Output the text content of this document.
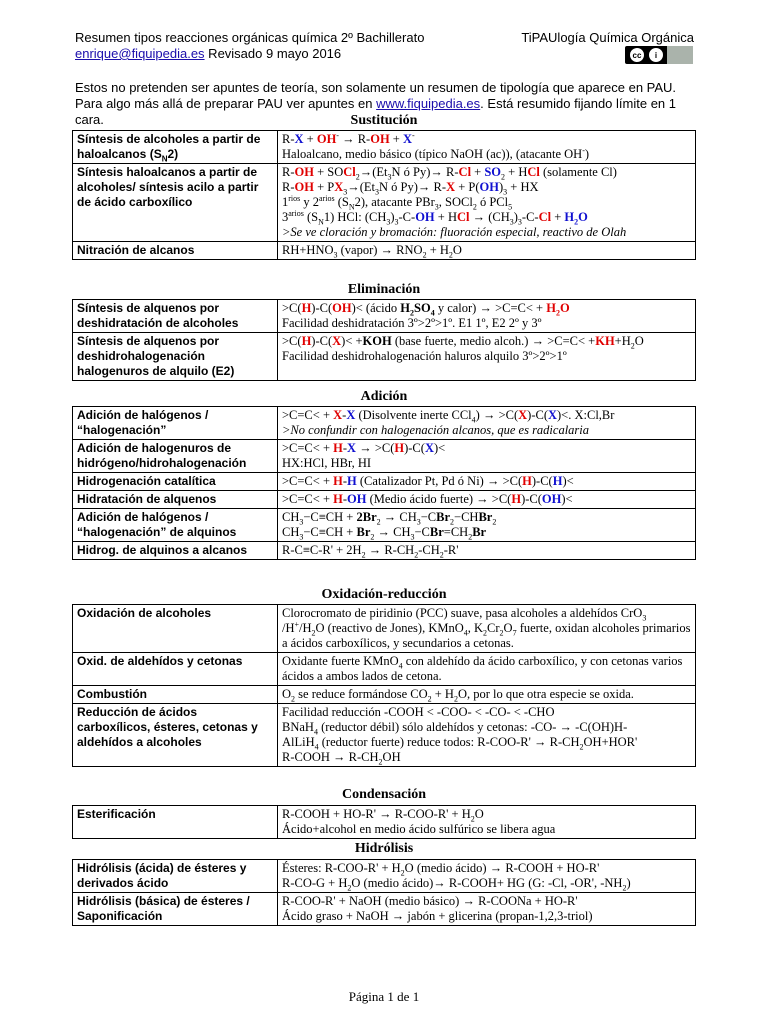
Resumen tipos reacciones orgánicas química 2º Bachillerato
enrique@fiquipedia.es Revisado 9 mayo 2016
TiPAUlogía Química Orgánica
cc	i
Estos no pretenden ser apuntes de teoría, son solamente un resumen de tipología que aparece en PAU. Para algo más allá de preparar PAU ver apuntes en www.fiquipedia.es. Está resumido fijando límite en 1 cara.	Sustitución
Síntesis de alcoholes a partir de haloalcanos $(S_N2)$	R-X + OH- → R-OH + X-
Haloalcano, medio básico (típico NaOH (ac)), (atacante OH-)
Síntesis haloalcanos a partir de alcoholes/ síntesis acilo a partir de ácido carboxílico	$R-OH + SOCl_2\to(Et_3N$ ó $Py)\to R-Cl + SO_2$ + HCl (solamente Cl)
$R-OH + PX_3\to(Et_3N$ ó $Py)\to R-X + P(OH)_3$ + HX
$1^{rios}$ y $2^{arios}$ $(S_N2)$, atacante PBr$_3$, SOCl$_2$ ó PCl$_5$
$3^{arios}$ $(S_N1)$ HCl: $(CH_3)_3-C-OH$ + HCl → $(CH_3)_3-C-Cl + H_2O$
>Se ve cloración y bromación: fluoración especial, reactivo de Olah
Nitración de alcanos	$RH+HNO_3$ (vapor) → $RNO_2 + H_2O$
Eliminación
Síntesis de alquenos por deshidratación de alcoholes	>C(H)-C(OH)< (ácido $H_2SO_4$ y calor) → $>C=C< + H_2O$
Facilidad deshidratación 3º>2º>1º. E1 1º, E2 2º y 3º
Síntesis de alquenos por deshidrohalogenación halogenuros de alquilo (E2)	>C(H)-C(X)< +KOH (base fuerte, medio alcoh.) → $>C=C< +KH+H_2O$
Facilidad deshidrohalogenación haluros alquilo 3º>2º>1º
Adición
Adición de halógenos / “halogenación”	>C=C< + X-X (Disolvente inerte CCl$_4$) → >C(X)-C(X)<. X:Cl,Br
>No confundir con halogenación alcanos, que es radicalaria
Adición de halogenuros de hidrógeno/hidrohalogenación	>C=C< + H-X → >C(H)-C(X)<
HX:HCl, HBr, HI
Hidrogenación catalítica	>C=C< + H-H (Catalizador Pt, Pd ó Ni) → >C(H)-C(H)<
Hidratación de alquenos	>C=C< + H-OH (Medio ácido fuerte) → >C(H)-C(OH)<
Adición de halógenos / “halogenación” de alquinos	$CH_3-C\equiv CH + 2Br_2$ → $CH_3-CBr_2-CHBr_2$
$CH_3-C\equiv CH + Br_2 \to CH_3-CBr=CH_2Br$
Hidrog. de alquinos a alcanos	$R-C\equiv C-R' + 2H_2 \to R-CH_2-CH_2-R'$
Oxidación-reducción
Oxidación de alcoholes	Clorocromato de piridinio (PCC) suave, pasa alcoholes a aldehídos CrO$_3$ $/H^+/H_2O$ (reactivo de Jones), KMnO$_4$, $K_2Cr_2O_7$ fuerte, oxidan alcoholes primarios a ácidos carboxílicos, y secundarios a cetonas.
Oxid. de aldehídos y cetonas	Oxidante fuerte KMnO$_4$ con aldehído da ácido carboxílico, y con cetonas varios ácidos a ambos lados de cetona.
Combustión	$O_2$ se reduce formándose $CO_2 + H_2O$, por lo que otra especie se oxida.
Reducción de ácidos carboxílicos, ésteres, cetonas y aldehídos a alcoholes	Facilidad reducción -COOH < -COO- < -CO- < -CHO
BNaH$_4$ (reductor débil) sólo aldehídos y cetonas: -CO- → -C(OH)H-
AlLiH$_4$ (reductor fuerte) reduce todos: $R-COO-R' \to R-CH_2OH+HOR'$
R-COOH → $R-CH_2OH$
Condensación
Esterificación	R-COOH + $HO-R' \to R-COO-R' + H_2O$
Ácido+alcohol en medio ácido sulfúrico se libera agua
Hidrólisis
Hidrólisis (ácida) de ésteres y derivados ácido	Ésteres: $R-COO-R' + H_2O$ (medio ácido) → R-COOH + HO-R'
$R-CO-G + H_2O$ (medio ácido)→ R-COOH+ HG (G: -Cl, -OR', $-NH_2$)
Hidrólisis (básica) de ésteres / Saponificación	R-COO-R' + NaOH (medio básico) → R-COONa + HO-R'
Ácido graso + NaOH → jabón + glicerina (propan-1,2,3-triol)
Página 1 de 1
